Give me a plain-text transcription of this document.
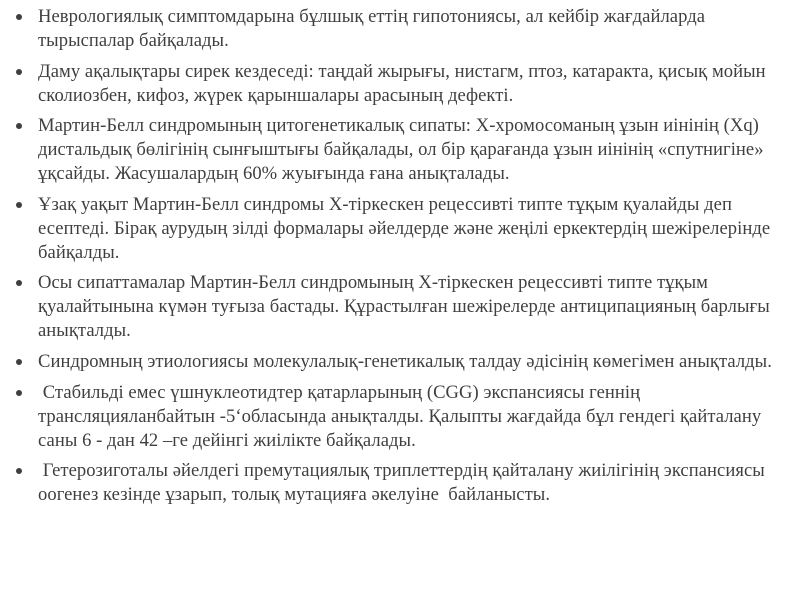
Неврологиялық симптомдарына бұлшық еттің гипотониясы, ал кейбір жағдайларда тырыспалар байқалады.
Даму ақалықтары сирек кездеседі: таңдай жырығы, нистагм, птоз, катаракта, қисық мойын сколиозбен, кифоз, жүрек қарыншалары арасының дефекті.
Мартин-Белл синдромының цитогенетикалық сипаты: Х-хромосоманың ұзын иінінің (Хq) дистальдық бөлігінің сынғыштығы байқалады, ол бір қарағанда ұзын иінінің «спутнигіне» ұқсайды. Жасушалардың 60% жуығында ғана анықталады.
Ұзақ уақыт Мартин-Белл синдромы Х-тіркескен рецессивті типте тұқым қуалайды деп есептеді. Бірақ аурудың зілді формалары әйелдерде және жеңілі еркектердің шежірелерінде байқалды.
Осы сипаттамалар Мартин-Белл синдромының Х-тіркескен рецессивті типте тұқым қуалайтынына күмән туғыза бастады. Құрастылған шежірелерде антиципацияның барлығы анықталды.
Синдромның этиологиясы молекулалық-генетикалық талдау әдісінің көмегімен анықталды.
Стабильді емес үшнуклеотидтер қатарларының (CGG) экспансиясы геннің трансляцияланбайтын -5‘обласында анықталды. Қалыпты жағдайда бұл гендегі қайталану саны 6 - дан 42 –ге дейінгі жиілікте байқалады.
Гетерозиготалы әйелдегі премутациялық триплеттердің қайталану жиілігінің экспансиясы  оогенез кезінде ұзарып, толық мутацияға әкелуіне  байланысты.
